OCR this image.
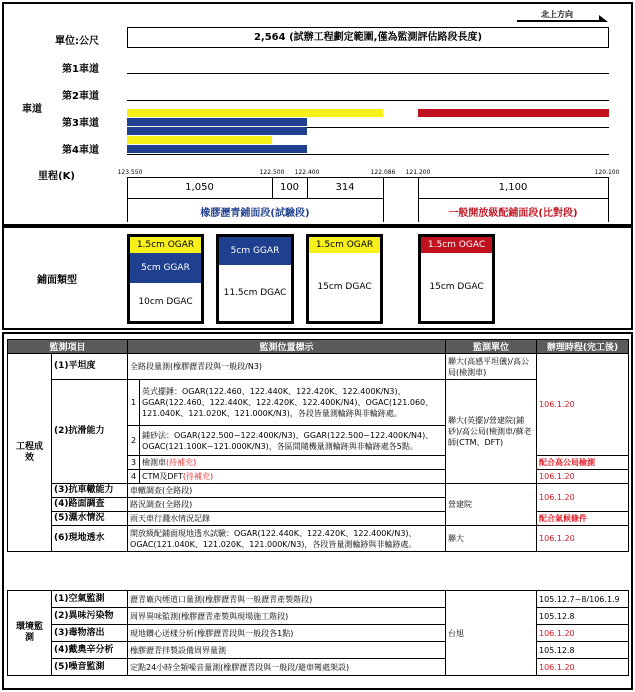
北上方向
單位:公尺	2,564 (試辦工程劃定範圍,僅為監測評估路段長度)
車道
第1車道
第2車道
第3車道
第4車道
里程(K)	123.550	122.500 122.400	122.086 121.200	120.100
1,050	100	314	1,100
橡膠瀝青鋪面段(試驗段)	一般開放級配鋪面段(比對段)
鋪面類型
1.5cm OGAR
5cm GGAR
10cm DGAC
5cm GGAR
11.5cm DGAC
1.5cm OGAR
15cm DGAC
1.5cm OGAC
15cm DGAC
監測項目		監測位置標示		監測單位	辦理時程(完工後)
工程成效	(1)平坦度	全路段量測(橡膠瀝青段與一般段/N3)		聯大(高感平坦儀)/高公局(檢測車)	106.1.20
	(2)抗滑能力	1	英式擺錘：OGAR(122.460、122.440K、122.420K、122.400K/N3)、GGAR(122.460、122.440K、122.420K、122.400K/N4)、OGAC(121.060、121.040K、121.020K、121.000K/N3)，各段皆量測輪跡與非輪跡處。	聯大(英擺)/營建院(鋪砂)/高公局(檢測車/蘇老師(CTM、DFT)	
		2	鋪砂法：OGAR(122.500~122.400K/N3)、GGAR(122.500~122.400K/N4)、OGAC(121.100K~121.000K/N3)，各區間隨機量測輪跡與非輪跡處各5點。		
		3	檢測車(待補充)		配合高公局檢測
		4	CTM及DFT(待補充)		106.1.20
	(3)抗車轍能力	車轍調查(全路段)		營建院	106.1.20
	(4)路面調查	路況調查(全路段)			
	(5)濕水情況	雨天車行濺水情況記錄			配合氣候條件
	(6)現地透水	開放級配鋪面現地透水試驗：OGAR(122.440K、122.420K、122.400K/N3)、OGAC(121.040K、121.020K、121.000K/N3)，各段皆量測輪跡與非輪跡處。		聯大	106.1.20
環境監測	(1)空氣監測	瀝青廠內煙道口量測(橡膠瀝青與一般瀝青產製階段)	台旭	105.12.7~8/106.1.9
	(2)異味污染物	周界異味監測(橡膠瀝青產製與現場施工階段)		105.12.8
	(3)毒物溶出	現地鑽心送樣分析(橡膠瀝青段與一般段各1點)		106.1.20
	(4)戴奧辛分析	橡膠瀝青拌製設備周界量測		105.12.8
	(5)噪音監測	定點24小時全頻噪音量測(橡膠瀝青段與一般段/避車彎處架設)		106.1.20
